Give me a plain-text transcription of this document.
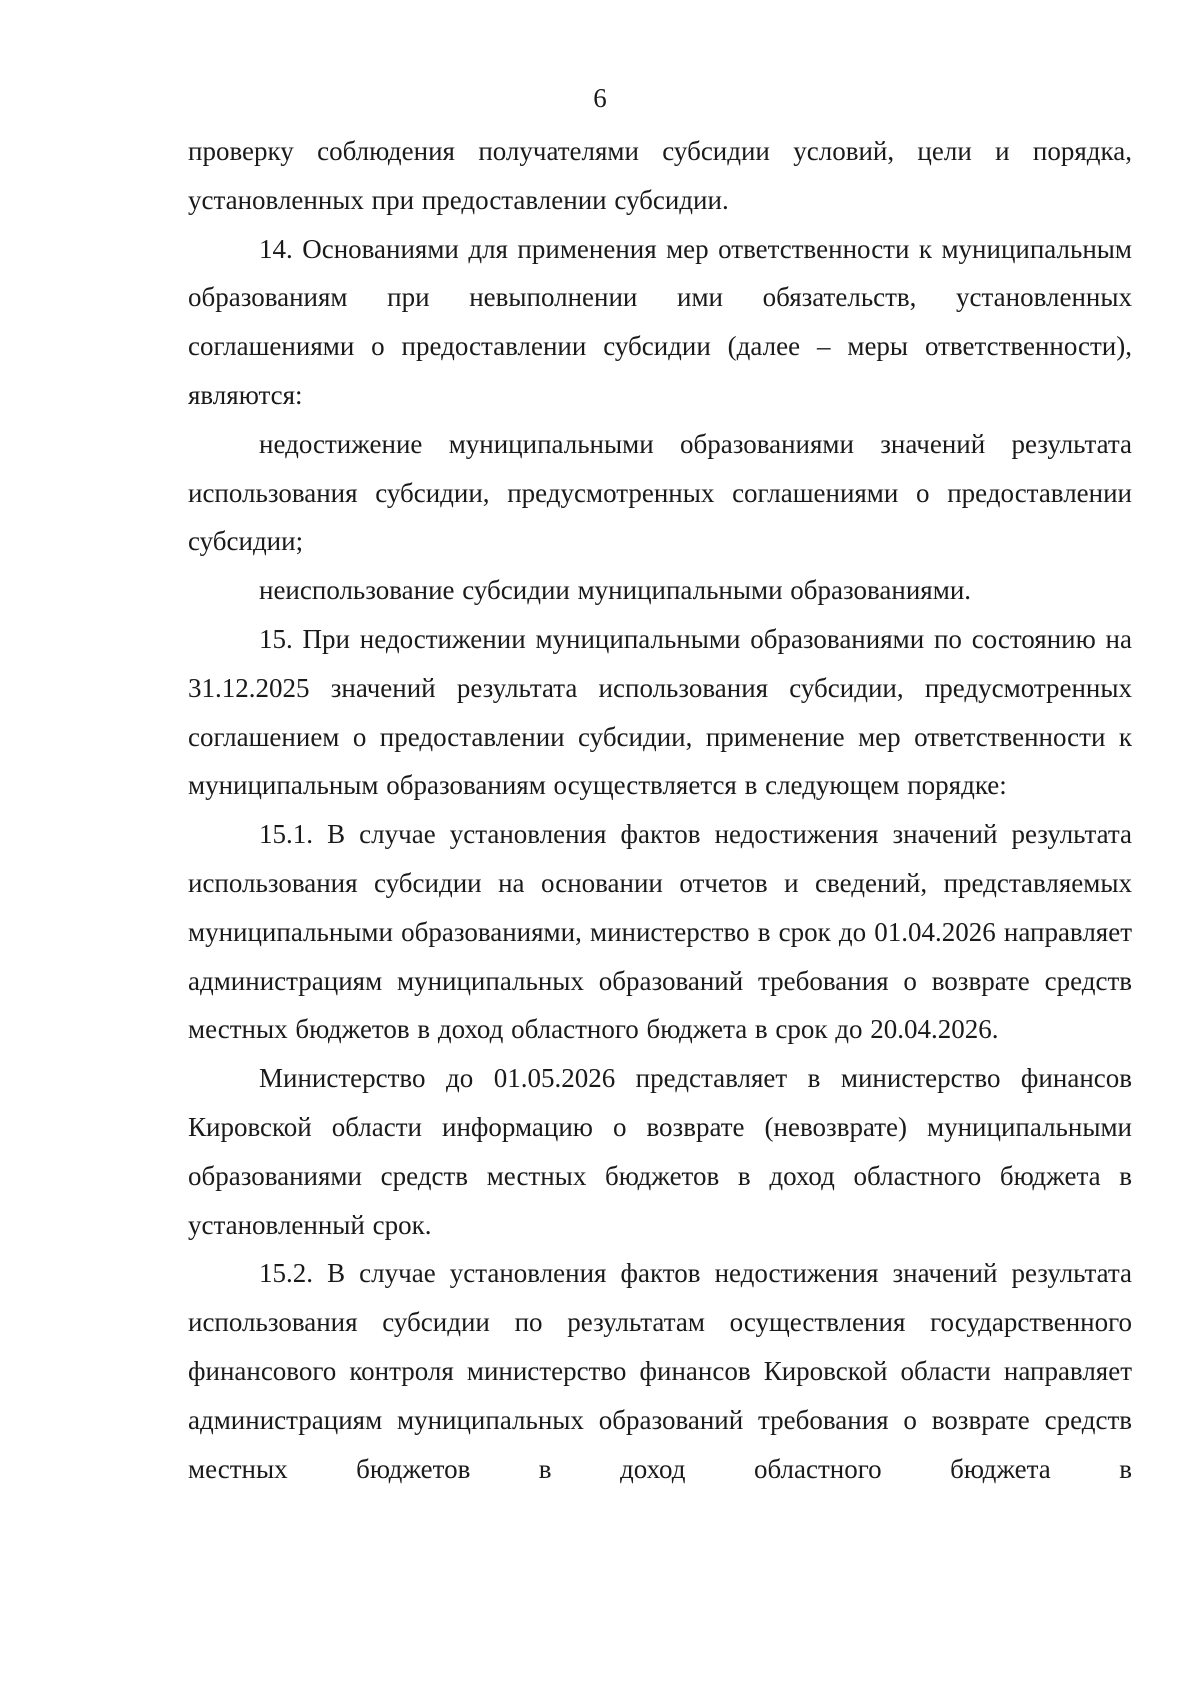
6

проверку соблюдения получателями субсидии условий, цели и порядка, установленных при предоставлении субсидии.

14. Основаниями для применения мер ответственности к муниципальным образованиям при невыполнении ими обязательств, установленных соглашениями о предоставлении субсидии (далее – меры ответственности), являются:

недостижение муниципальными образованиями значений результата использования субсидии, предусмотренных соглашениями о предоставлении субсидии;

неиспользование субсидии муниципальными образованиями.

15. При недостижении муниципальными образованиями по состоянию на 31.12.2025 значений результата использования субсидии, предусмотренных соглашением о предоставлении субсидии, применение мер ответственности к муниципальным образованиям осуществляется в следующем порядке:

15.1. В случае установления фактов недостижения значений результата использования субсидии на основании отчетов и сведений, представляемых муниципальными образованиями, министерство в срок до 01.04.2026 направляет администрациям муниципальных образований требования о возврате средств местных бюджетов в доход областного бюджета в срок до 20.04.2026.

Министерство до 01.05.2026 представляет в министерство финансов Кировской области информацию о возврате (невозврате) муниципальными образованиями средств местных бюджетов в доход областного бюджета в установленный срок.

15.2. В случае установления фактов недостижения значений результата использования субсидии по результатам осуществления государственного финансового контроля министерство финансов Кировской области направляет администрациям муниципальных образований требования о возврате средств местных бюджетов в доход областного бюджета в
